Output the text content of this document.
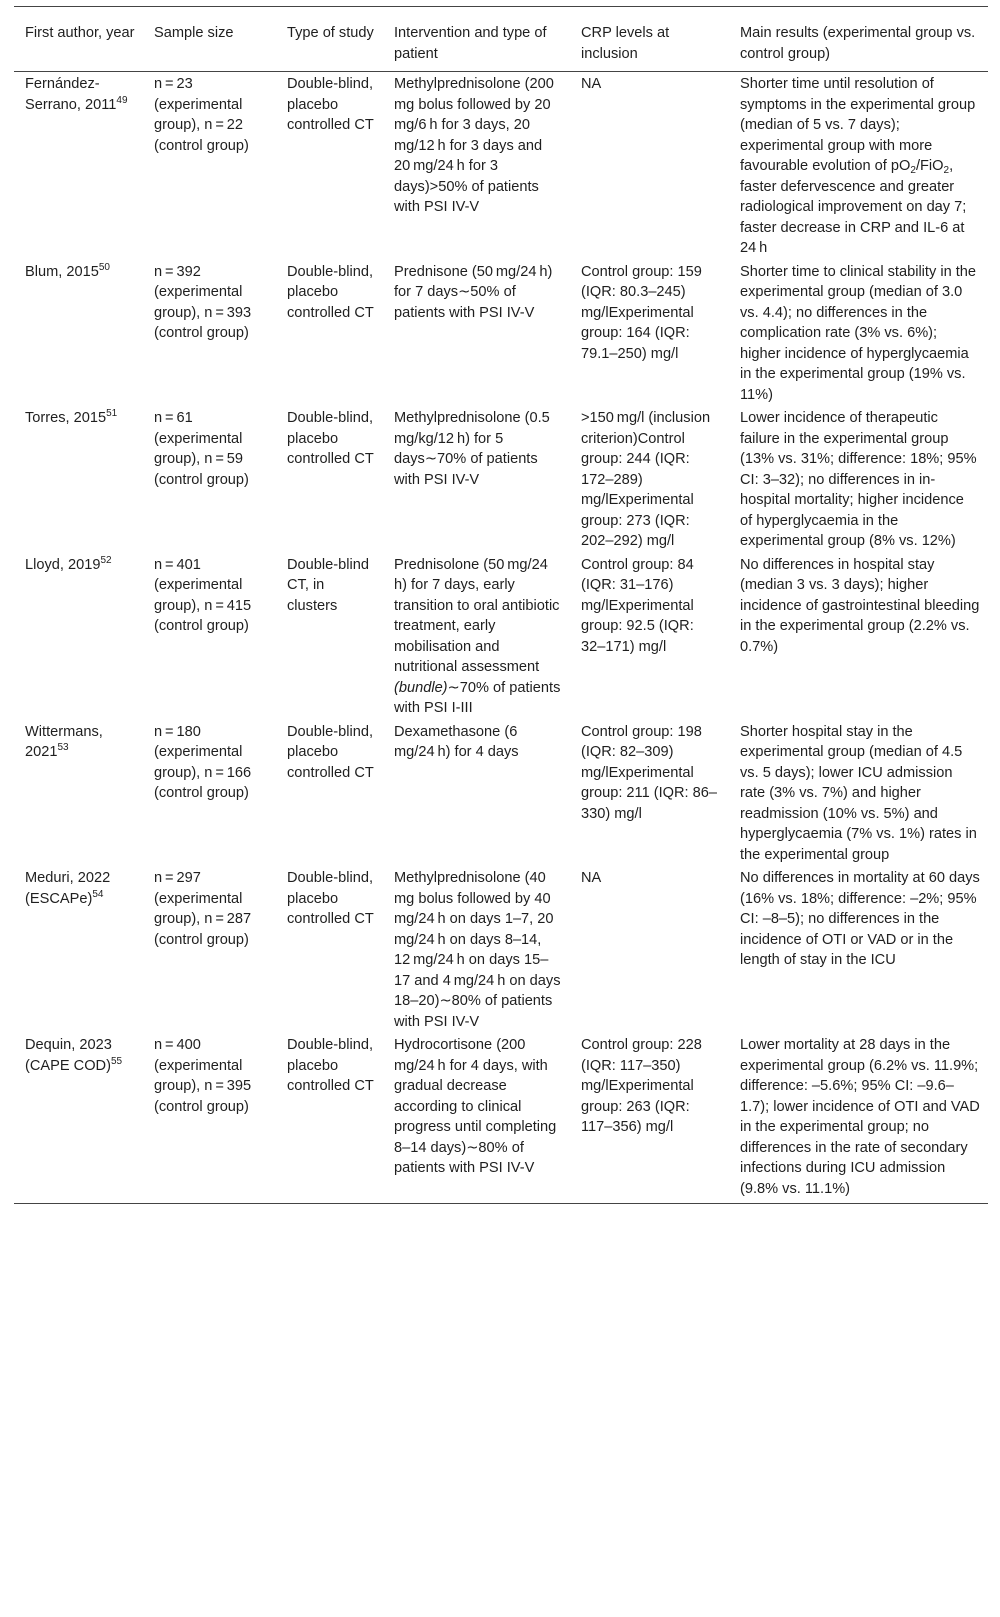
First author, year	Sample size	Type of study	Intervention and type of patient	CRP levels at inclusion	Main results (experimental group vs. control group)
Fernández-Serrano, 2011$^{49}$	n = 23 (experimental group), n = 22 (control group)	Double-blind, placebo controlled CT	Methylprednisolone (200 mg bolus followed by 20 mg/6 h for 3 days, 20 mg/12 h for 3 days and 20 mg/24 h for 3 days)>50% of patients with PSI IV-V	NA	Shorter time until resolution of symptoms in the experimental group (median of 5 vs. 7 days); experimental group with more favourable evolution of $pO_2/FiO_2$, faster defervescence and greater radiological improvement on day 7; faster decrease in CRP and IL-6 at 24 h
Blum, 2015$^{50}$	n = 392 (experimental group), n = 393 (control group)	Double-blind, placebo controlled CT	Prednisone (50 mg/24 h) for 7 days∼50% of patients with PSI IV-V	Control group: 159 (IQR: 80.3–245) mg/lExperimental group: 164 (IQR: 79.1–250) mg/l	Shorter time to clinical stability in the experimental group (median of 3.0 vs. 4.4); no differences in the complication rate (3% vs. 6%); higher incidence of hyperglycaemia in the experimental group (19% vs. 11%)
Torres, 2015$^{51}$	n = 61 (experimental group), n = 59 (control group)	Double-blind, placebo controlled CT	Methylprednisolone (0.5 mg/kg/12 h) for 5 days∼70% of patients with PSI IV-V	>150 mg/l (inclusion criterion)Control group: 244 (IQR: 172–289) mg/lExperimental group: 273 (IQR: 202–292) mg/l	Lower incidence of therapeutic failure in the experimental group (13% vs. 31%; difference: 18%; 95% CI: 3–32); no differences in in-hospital mortality; higher incidence of hyperglycaemia in the experimental group (8% vs. 12%)
Lloyd, 2019$^{52}$	n = 401 (experimental group), n = 415 (control group)	Double-blind CT, in clusters	Prednisolone (50 mg/24 h) for 7 days, early transition to oral antibiotic treatment, early mobilisation and nutritional assessment (bundle)∼70% of patients with PSI I-III	Control group: 84 (IQR: 31–176) mg/lExperimental group: 92.5 (IQR: 32–171) mg/l	No differences in hospital stay (median 3 vs. 3 days); higher incidence of gastrointestinal bleeding in the experimental group (2.2% vs. 0.7%)
Wittermans, 2021$^{53}$	n = 180 (experimental group), n = 166 (control group)	Double-blind, placebo controlled CT	Dexamethasone (6 mg/24 h) for 4 days	Control group: 198 (IQR: 82–309) mg/lExperimental group: 211 (IQR: 86–330) mg/l	Shorter hospital stay in the experimental group (median of 4.5 vs. 5 days); lower ICU admission rate (3% vs. 7%) and higher readmission (10% vs. 5%) and hyperglycaemia (7% vs. 1%) rates in the experimental group
Meduri, 2022 (ESCAPe)$^{54}$	n = 297 (experimental group), n = 287 (control group)	Double-blind, placebo controlled CT	Methylprednisolone (40 mg bolus followed by 40 mg/24 h on days 1–7, 20 mg/24 h on days 8–14, 12 mg/24 h on days 15–17 and 4 mg/24 h on days 18–20)∼80% of patients with PSI IV-V	NA	No differences in mortality at 60 days (16% vs. 18%; difference: –2%; 95% CI: –8–5); no differences in the incidence of OTI or VAD or in the length of stay in the ICU
Dequin, 2023 (CAPE COD)$^{55}$	n = 400 (experimental group), n = 395 (control group)	Double-blind, placebo controlled CT	Hydrocortisone (200 mg/24 h for 4 days, with gradual decrease according to clinical progress until completing 8–14 days)∼80% of patients with PSI IV-V	Control group: 228 (IQR: 117–350) mg/lExperimental group: 263 (IQR: 117–356) mg/l	Lower mortality at 28 days in the experimental group (6.2% vs. 11.9%; difference: –5.6%; 95% CI: –9.6–1.7); lower incidence of OTI and VAD in the experimental group; no differences in the rate of secondary infections during ICU admission (9.8% vs. 11.1%)
